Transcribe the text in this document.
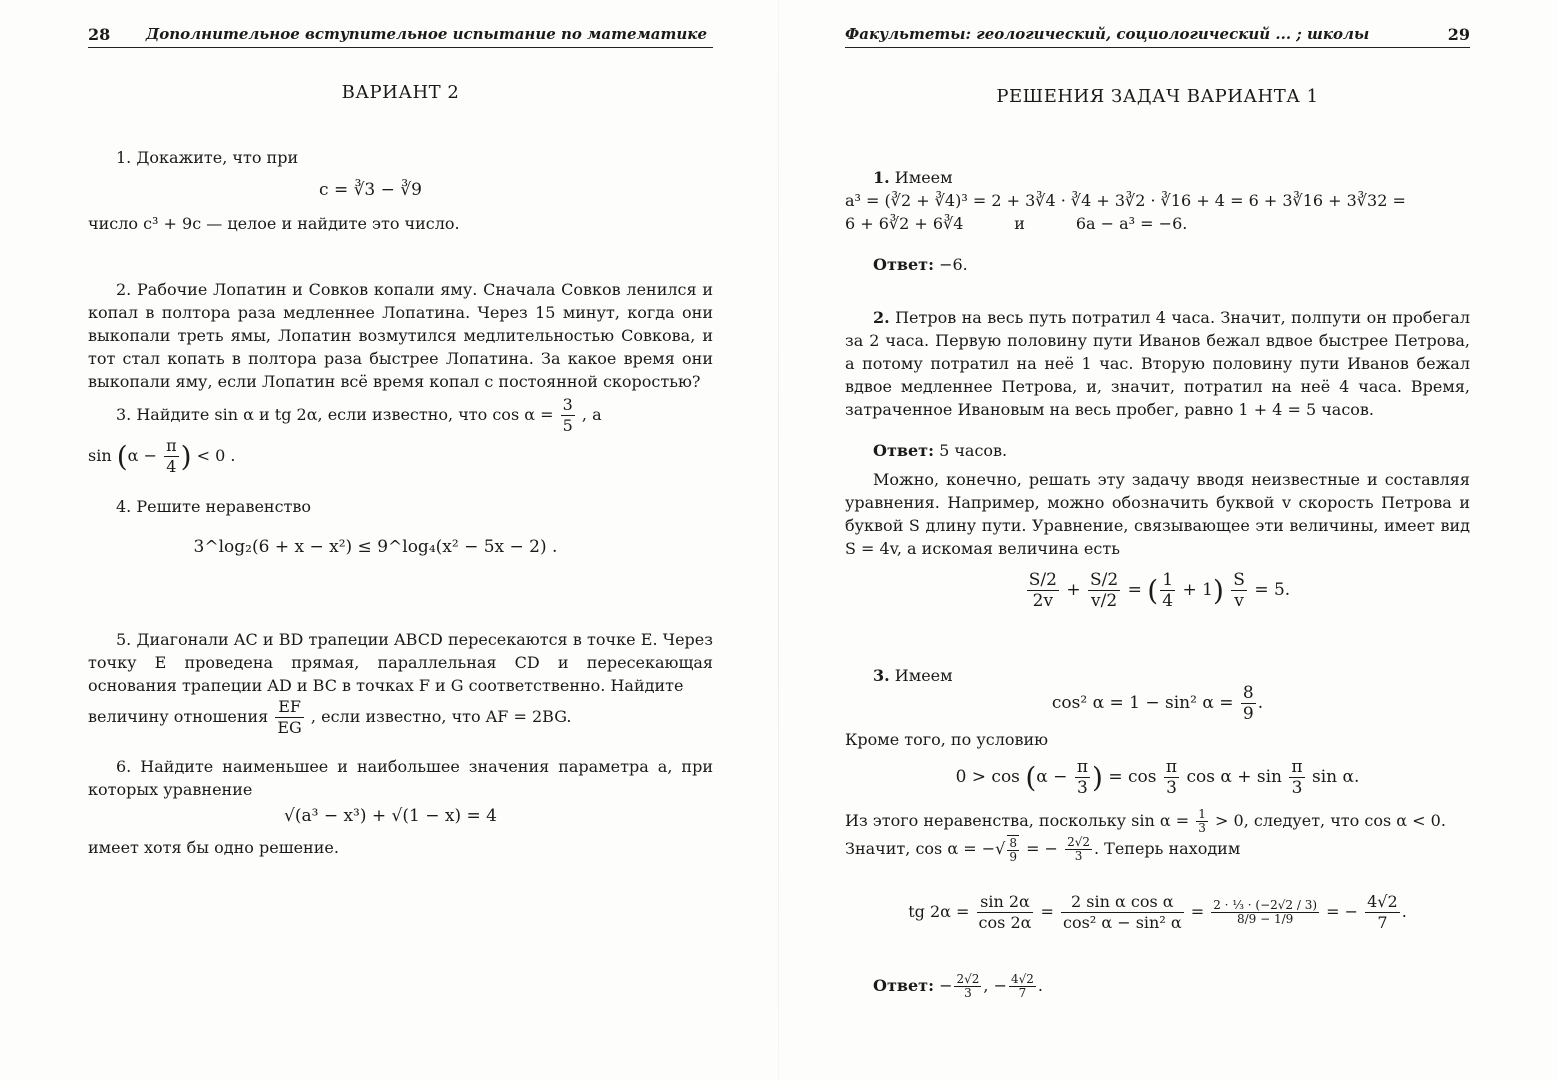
28 Дополнительное вступительное испытание по математике
ВАРИАНТ 2
1. Докажите, что при
c = ∛3 − ∛9
число c³ + 9c — целое и найдите это число.
2. Рабочие Лопатин и Совков копали яму. Сначала Совков ленился и копал в полтора раза медленнее Лопатина. Через 15 минут, когда они выкопали треть ямы, Лопатин возмутился медлительностью Совкова, и тот стал копать в полтора раза быстрее Лопатина. За какое время они выкопали яму, если Лопатин всё время копал с постоянной скоростью?
3. Найдите sin α и tg 2α, если известно, что $\cos \alpha = \frac{3}{5}$ , а
$\sin (\alpha - \frac{\pi}{4}$ ) < 0 .
4. Решите неравенство
3^log₂(6 + x − x²) ≤ 9^log₄(x² − 5x − 2) .
5. Диагонали AC и BD трапеции ABCD пересекаются в точке E. Через точку E проведена прямая, параллельная CD и пересекающая основания трапеции AD и BC в точках F и G соответственно. Найдите
величину отношения $\frac{EF}{EG}$ , если известно, что AF = 2BG.
6. Найдите наименьшее и наибольшее значения параметра a, при которых уравнение
√(a³ − x³) + √(1 − x) = 4
имеет хотя бы одно решение.
Факультеты: геологический, социологический ... ; школы	29
РЕШЕНИЯ ЗАДАЧ ВАРИАНТА 1
1. Имеем
a³ = (∛2 + ∛4)³ = 2 + 3∛4 · ∛4 + 3∛2 · ∛16 + 4 = 6 + 3∛16 + 3∛32 =
6 + 6∛2 + 6∛4          и          6a − a³ = −6.
Ответ: −6.
2. Петров на весь путь потратил 4 часа. Значит, полпути он пробегал за 2 часа. Первую половину пути Иванов бежал вдвое быстрее Петрова, а потому потратил на неё 1 час. Вторую половину пути Иванов бежал вдвое медленнее Петрова, и, значит, потратил на неё 4 часа. Время, затраченное Ивановым на весь пробег, равно 1 + 4 = 5 часов.
Ответ: 5 часов.
Можно, конечно, решать эту задачу вводя неизвестные и составляя уравнения. Например, можно обозначить буквой v скорость Петрова и буквой S длину пути. Уравнение, связывающее эти величины, имеет вид S = 4v, а искомая величина есть
$\frac{S/2}{2v} + \frac{S/2}{v/2}$ = ( $\frac{1}{4} + 1) \frac{S}{v} = 5$.
3. Имеем
cos² α = 1 − sin² $\alpha = \frac{8}{9}$ .
Кроме того, по условию
$0 > \cos (\alpha - \frac{\pi}{3}$ ) = $\cos \frac{\pi}{3}$ $\cos \alpha + \sin \frac{\pi}{3}$ sin α.
Из этого неравенства, поскольку $\sin \alpha = \frac{1}{3} > 0$, следует, что cos α < 0.
Значит, cos α = −√ $\frac{8}{9}$ = − $\frac{2√2}{3}$ . Теперь находим
tg $2\alpha = \frac{\sin 2\alpha}{\cos 2\alpha} = \frac{\text{2 sin α cos α}}{\text{cos² α − sin² α}} = \frac{\text{2 · ⅓ · (−2√2 / 3)}}{8/9 - 1/9}$ = − $\frac{4√2}{7}$ .
Ответ: − $\frac{2√2}{3}$ , − $\frac{4√2}{7}$ .
